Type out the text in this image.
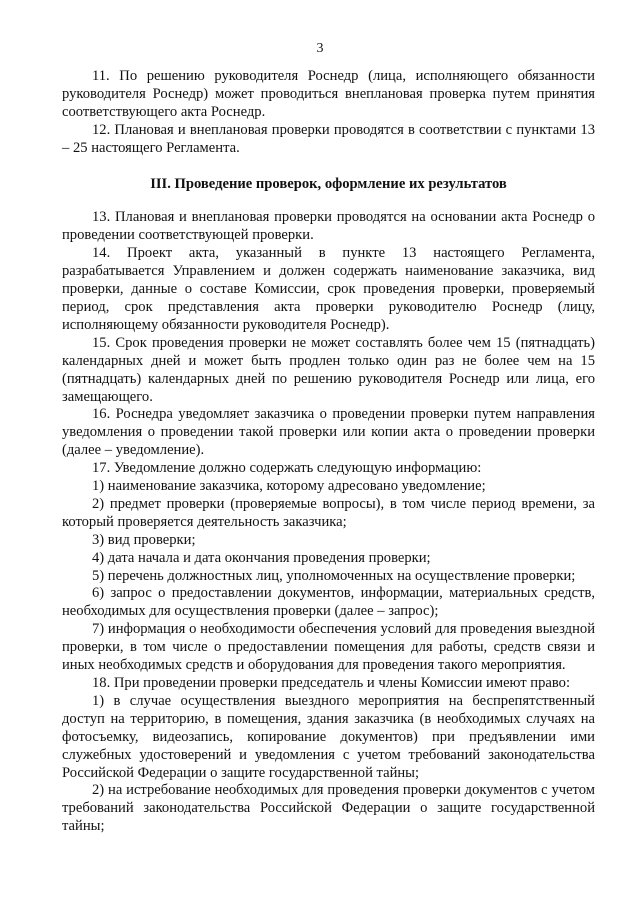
3

11. По решению руководителя Роснедр (лица, исполняющего обязанности руководителя Роснедр) может проводиться внеплановая проверка путем принятия соответствующего акта Роснедр.

12. Плановая и внеплановая проверки проводятся в соответствии с пунктами 13 – 25 настоящего Регламента.

III. Проведение проверок, оформление их результатов

13. Плановая и внеплановая проверки проводятся на основании акта Роснедр о проведении соответствующей проверки.

14. Проект акта, указанный в пункте 13 настоящего Регламента, разрабатывается Управлением и должен содержать наименование заказчика, вид проверки, данные о составе Комиссии, срок проведения проверки, проверяемый период, срок представления акта проверки руководителю Роснедр (лицу, исполняющему обязанности руководителя Роснедр).

15. Срок проведения проверки не может составлять более чем 15 (пятнадцать) календарных дней и может быть продлен только один раз не более чем на 15 (пятнадцать) календарных дней по решению руководителя Роснедр или лица, его замещающего.

16. Роснедра уведомляет заказчика о проведении проверки путем направления уведомления о проведении такой проверки или копии акта о проведении проверки (далее – уведомление).

17. Уведомление должно содержать следующую информацию:

1) наименование заказчика, которому адресовано уведомление;

2) предмет проверки (проверяемые вопросы), в том числе период времени, за который проверяется деятельность заказчика;

3) вид проверки;

4) дата начала и дата окончания проведения проверки;

5) перечень должностных лиц, уполномоченных на осуществление проверки;

6) запрос о предоставлении документов, информации, материальных средств, необходимых для осуществления проверки (далее – запрос);

7) информация о необходимости обеспечения условий для проведения выездной проверки, в том числе о предоставлении помещения для работы, средств связи и иных необходимых средств и оборудования для проведения такого мероприятия.

18. При проведении проверки председатель и члены Комиссии имеют право:

1) в случае осуществления выездного мероприятия на беспрепятственный доступ на территорию, в помещения, здания заказчика (в необходимых случаях на фотосъемку, видеозапись, копирование документов) при предъявлении ими служебных удостоверений и уведомления с учетом требований законодательства Российской Федерации о защите государственной тайны;

2) на истребование необходимых для проведения проверки документов с учетом требований законодательства Российской Федерации о защите государственной тайны;
